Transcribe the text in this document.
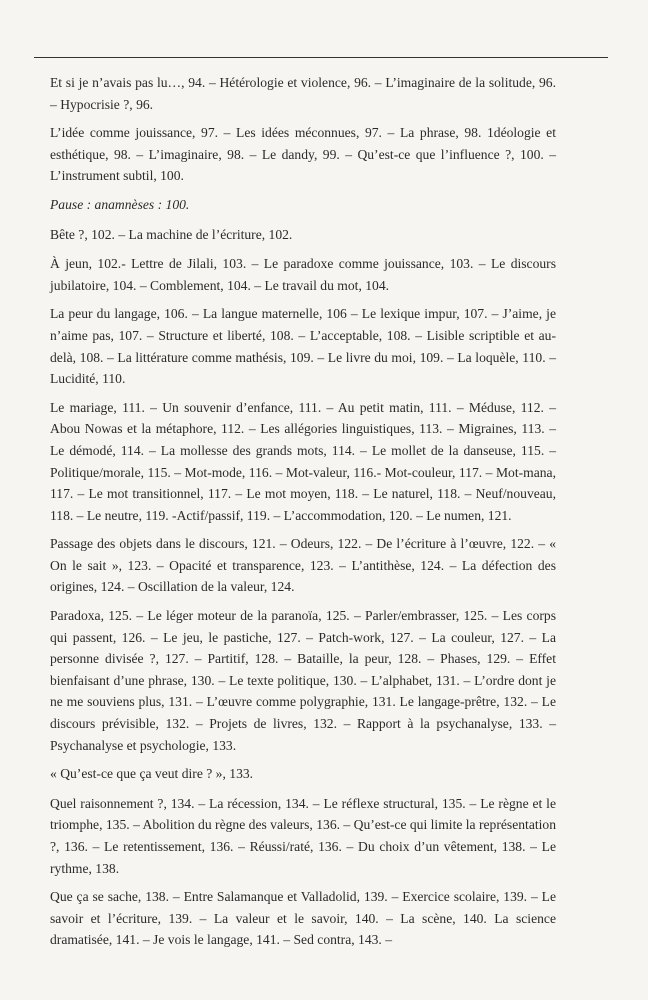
Et si je n’avais pas lu…, 94. – Hétérologie et violence, 96. – L’imaginaire de la solitude, 96. – Hypocrisie ?, 96.

L’idée comme jouissance, 97. – Les idées méconnues, 97. – La phrase, 98. 1déologie et esthétique, 98. – L’imaginaire, 98. – Le dandy, 99. – Qu’est-ce que l’influence ?, 100. – L’instrument subtil, 100.

Pause : anamnèses : 100.

Bête ?, 102. – La machine de l’écriture, 102.

À jeun, 102.- Lettre de Jilali, 103. – Le paradoxe comme jouissance, 103. – Le discours jubilatoire, 104. – Comblement, 104. – Le travail du mot, 104.

La peur du langage, 106. – La langue maternelle, 106 – Le lexique impur, 107. – J’aime, je n’aime pas, 107. – Structure et liberté, 108. – L’acceptable, 108. – Lisible scriptible et au-delà, 108. – La littérature comme mathésis, 109. – Le livre du moi, 109. – La loquèle, 110. – Lucidité, 110.

Le mariage, 111. – Un souvenir d’enfance, 111. – Au petit matin, 111. – Méduse, 112. – Abou Nowas et la métaphore, 112. – Les allégories linguistiques, 113. – Migraines, 113. – Le démodé, 114. – La mollesse des grands mots, 114. – Le mollet de la danseuse, 115. – Politique/morale, 115. – Mot-mode, 116. – Mot-valeur, 116.- Mot-couleur, 117. – Mot-mana, 117. – Le mot transitionnel, 117. – Le mot moyen, 118. – Le naturel, 118. – Neuf/nouveau, 118. – Le neutre, 119. -Actif/passif, 119. – L’accommodation, 120. – Le numen, 121.

Passage des objets dans le discours, 121. – Odeurs, 122. – De l’écriture à l’œuvre, 122. – « On le sait », 123. – Opacité et transparence, 123. – L’antithèse, 124. – La défection des origines, 124. – Oscillation de la valeur, 124.

Paradoxa, 125. – Le léger moteur de la paranoïa, 125. – Parler/embrasser, 125. – Les corps qui passent, 126. – Le jeu, le pastiche, 127. – Patch-work, 127. – La couleur, 127. – La personne divisée ?, 127. – Partitif, 128. – Bataille, la peur, 128. – Phases, 129. – Effet bienfaisant d’une phrase, 130. – Le texte politique, 130. – L’alphabet, 131. – L’ordre dont je ne me souviens plus, 131. – L’œuvre comme polygraphie, 131. Le langage-prêtre, 132. – Le discours prévisible, 132. – Projets de livres, 132. – Rapport à la psychanalyse, 133. – Psychanalyse et psychologie, 133.

« Qu’est-ce que ça veut dire ? », 133.

Quel raisonnement ?, 134. – La récession, 134. – Le réflexe structural, 135. – Le règne et le triomphe, 135. – Abolition du règne des valeurs, 136. – Qu’est-ce qui limite la représentation ?, 136. – Le retentissement, 136. – Réussi/raté, 136. – Du choix d’un vêtement, 138. – Le rythme, 138.

Que ça se sache, 138. – Entre Salamanque et Valladolid, 139. – Exercice scolaire, 139. – Le savoir et l’écriture, 139. – La valeur et le savoir, 140. – La scène, 140. La science dramatisée, 141. – Je vois le langage, 141. – Sed contra, 143. –
